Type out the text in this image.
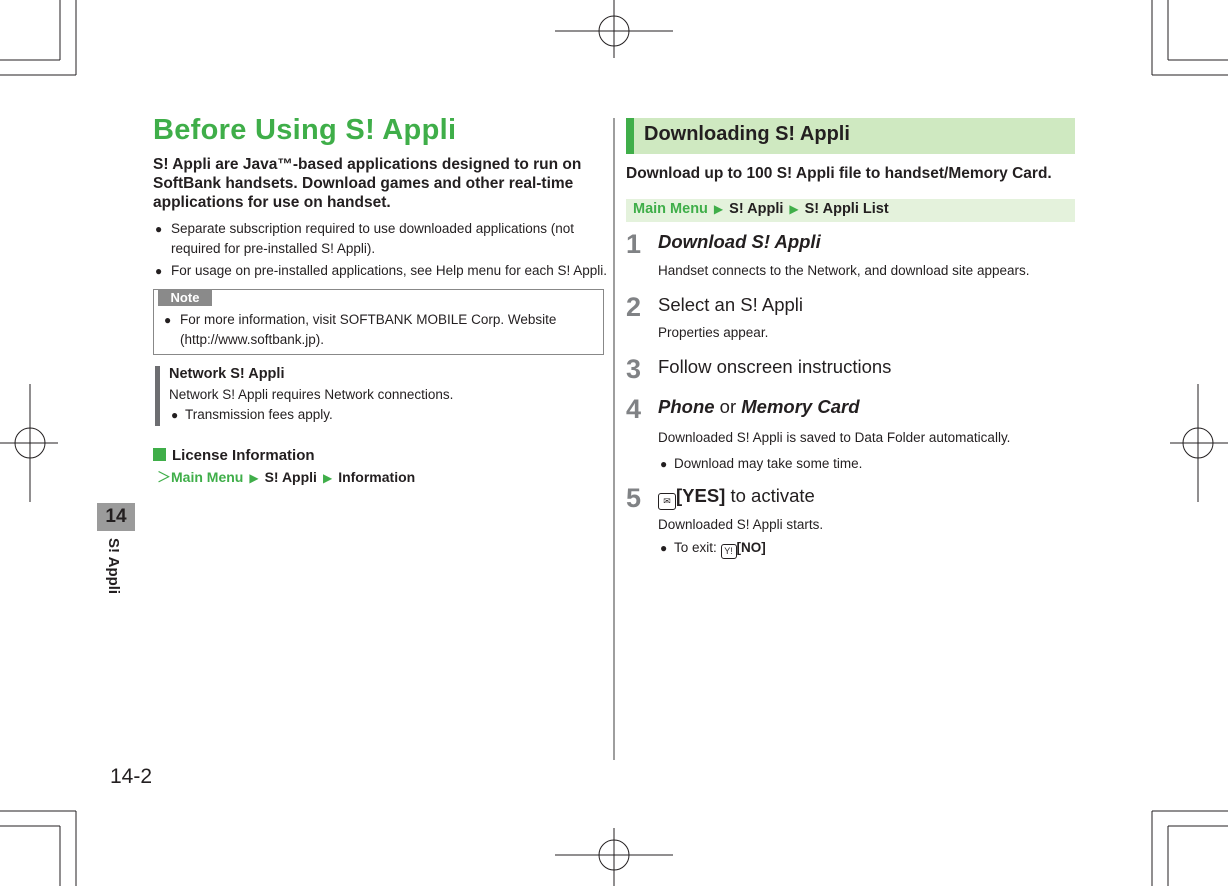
Before Using S! Appli
S! Appli are Java™-based applications designed to run on SoftBank handsets. Download games and other real-time applications for use on handset.
● Separate subscription required to use downloaded applications (not required for pre-installed S! Appli).
● For usage on pre-installed applications, see Help menu for each S! Appli.
Note
● For more information, visit SOFTBANK MOBILE Corp. Website (http://www.softbank.jp).
Network S! Appli
Network S! Appli requires Network connections.
● Transmission fees apply.
License Information
＞Main Menu ▶ S! Appli ▶ Information
14
S! Appli
14-2
Downloading S! Appli
Download up to 100 S! Appli file to handset/Memory Card.
Main Menu ▶ S! Appli ▶ S! Appli List
1 Download S! Appli
Handset connects to the Network, and download site appears.
2 Select an S! Appli
Properties appear.
3 Follow onscreen instructions
4 Phone or Memory Card
Downloaded S! Appli is saved to Data Folder automatically.
● Download may take some time.
5	✉ [YES] to activate
Downloaded S! Appli starts.
● To exit: Y! [NO]
